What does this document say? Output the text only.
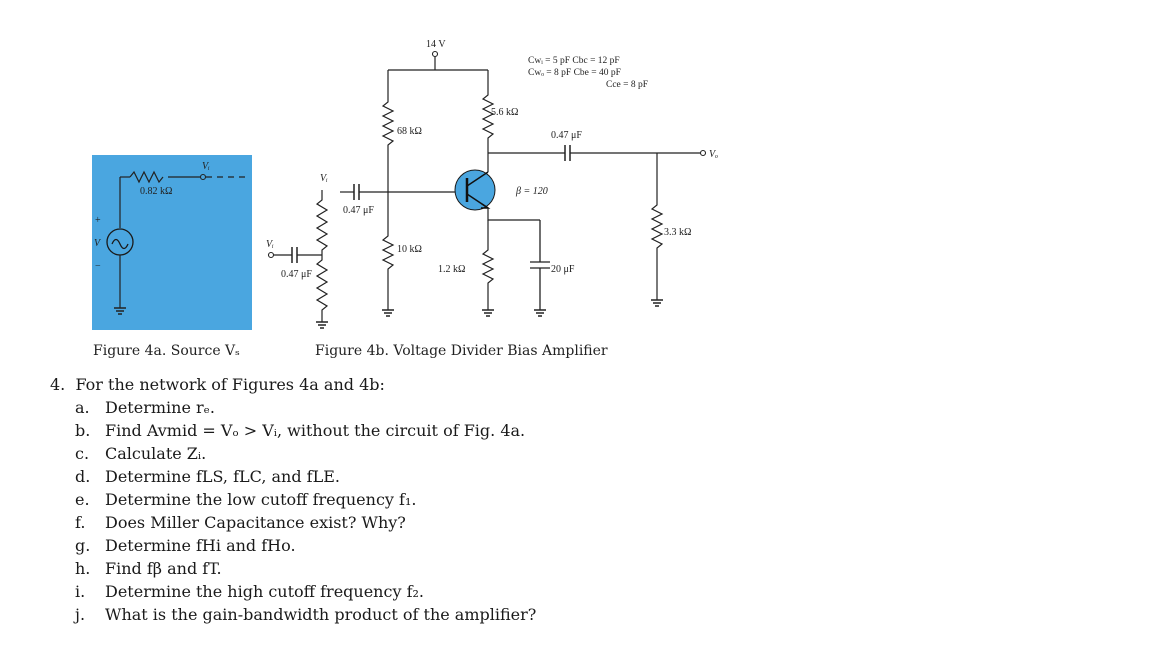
0.82 kΩ
Vᵢ
+
−
V	Vᵢ
0.47 μF
Vᵢ
14 V
68 kΩ
0.47 μF
10 kΩ
5.6 kΩ
Vₒ
0.47 μF
3.3 kΩ
1.2 kΩ	20 μF
β = 120
Cwᵢ = 5 pF Cbc = 12 pF
Cwₒ = 8 pF Cbe = 40 pF
Cce = 8 pF
Figure 4a. Source Vₛ	Figure 4b. Voltage Divider Bias Amplifier
4. For the network of Figures 4a and 4b:
a. Determine rₑ.
b. Find Avmid = Vₒ > Vᵢ, without the circuit of Fig. 4a.
c. Calculate Zᵢ.
d. Determine fLS, fLC, and fLE.
e. Determine the low cutoff frequency f₁.
f.	Does Miller Capacitance exist? Why?
g. Determine fHi and fHo.
h. Find fβ and fT.
i.	Determine the high cutoff frequency f₂.
j.	What is the gain-bandwidth product of the amplifier?
